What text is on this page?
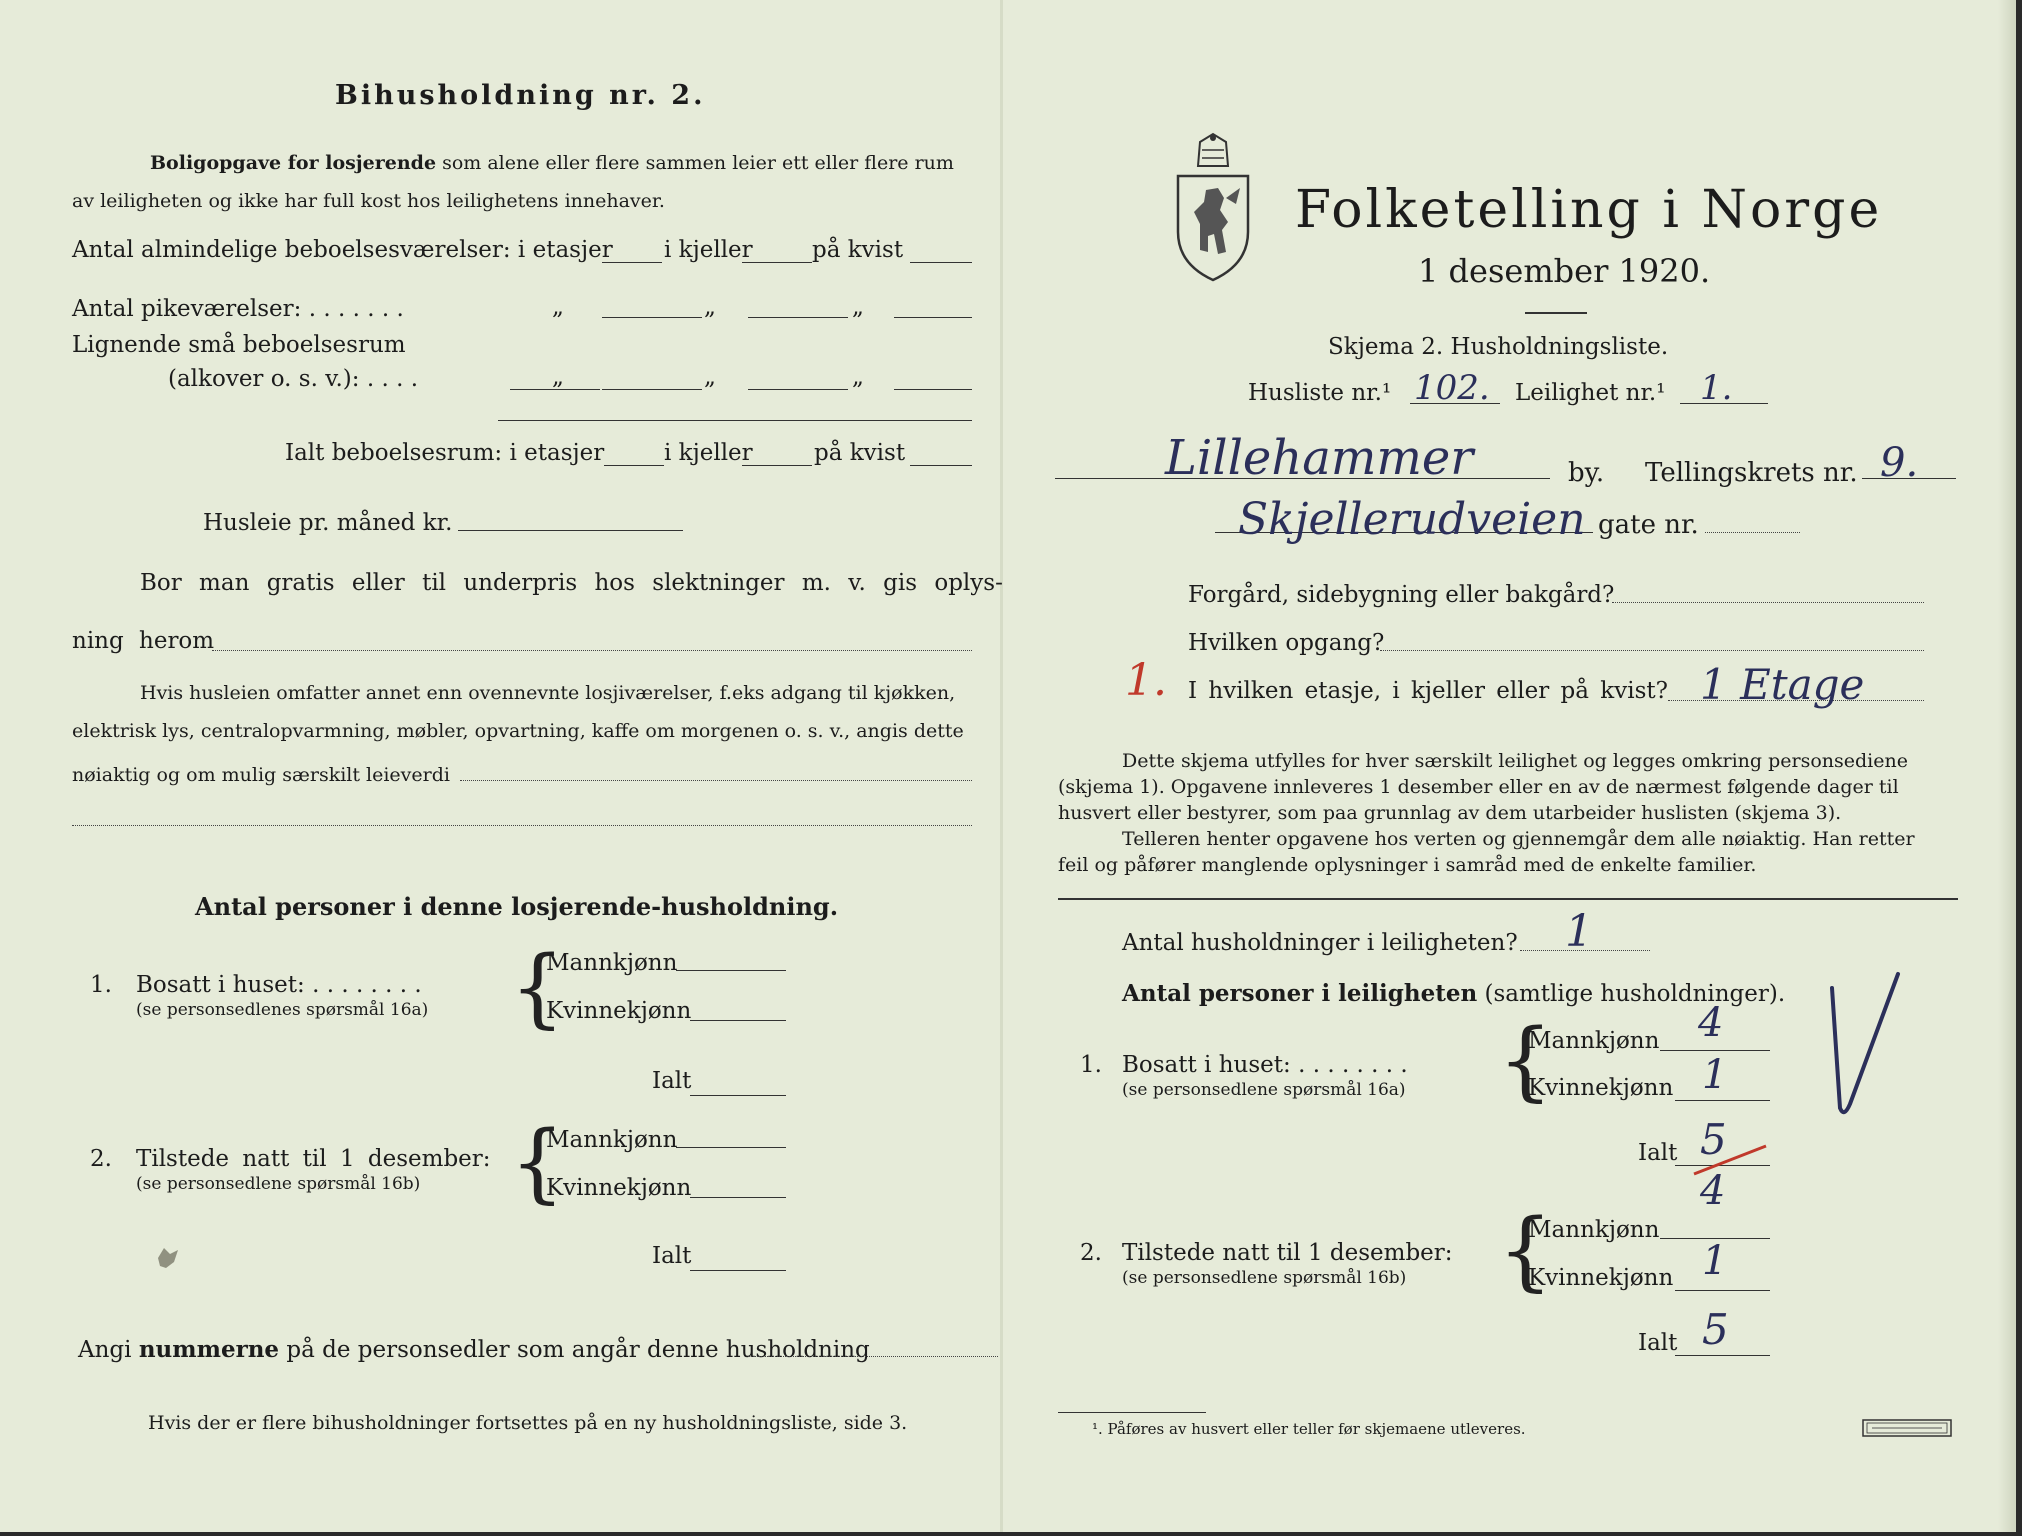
Bihusholdning nr. 2.
Boligopgave for losjerende som alene eller flere sammen leier ett eller flere rum
av leiligheten og ikke har full kost hos leilighetens innehaver.
Antal almindelige beboelsesværelser: i etasjer i kjeller	på kvist
Antal pikeværelser: . . . . . . .	„	„	„
Lignende små beboelsesrum
(alkover o. s. v.): . . . .	„	„	„
Ialt beboelsesrum: i etasjer	i kjeller	på kvist
Husleie pr. måned kr.
Bor man gratis eller til underpris hos slektninger m. v. gis oplys-
ning herom
Hvis husleien omfatter annet enn ovennevnte losjiværelser, f.eks adgang til kjøkken,
elektrisk lys, centralopvarmning, møbler, opvartning, kaffe om morgenen o. s. v., angis dette
nøiaktig og om mulig særskilt leieverdi
Antal personer i denne losjerende-husholdning.
1. Bosatt i huset: . . . . . . . .
(se personsedlenes spørsmål 16a) {
Mannkjønn
Kvinnekjønn
Ialt
2. Tilstede natt til 1 desember:
(se personsedlene spørsmål 16b) {
Mannkjønn
Kvinnekjønn
Ialt
Angi nummerne på de personsedler som angår denne husholdning
Hvis der er flere bihusholdninger fortsettes på en ny husholdningsliste, side 3.
Folketelling i Norge
1 desember 1920.
Skjema 2. Husholdningsliste.
Husliste nr.¹ 102. Leilighet nr.¹ 1.
Lillehammer	by. Tellingskrets nr. 9.
Skjellerudveien gate nr.
Forgård, sidebygning eller bakgård?
Hvilken opgang?
1. I hvilken etasje, i kjeller eller på kvist? 1 Etage
Dette skjema utfylles for hver særskilt leilighet og legges omkring personsediene
(skjema 1). Opgavene innleveres 1 desember eller en av de nærmest følgende dager til
husvert eller bestyrer, som paa grunnlag av dem utarbeider huslisten (skjema 3).
Telleren henter opgavene hos verten og gjennemgår dem alle nøiaktig. Han retter
feil og påfører manglende oplysninger i samråd med de enkelte familier.
Antal husholdninger i leiligheten? 1
Antal personer i leiligheten (samtlige husholdninger).
1. Bosatt i huset: . . . . . . . .
(se personsedlene spørsmål 16a) {
Mannkjønn 4
Kvinnekjønn 1
Ialt 5
4
2. Tilstede natt til 1 desember:
(se personsedlene spørsmål 16b) {
Mannkjønn
Kvinnekjønn 1
Ialt 5
¹. Påføres av husvert eller teller før skjemaene utleveres.
